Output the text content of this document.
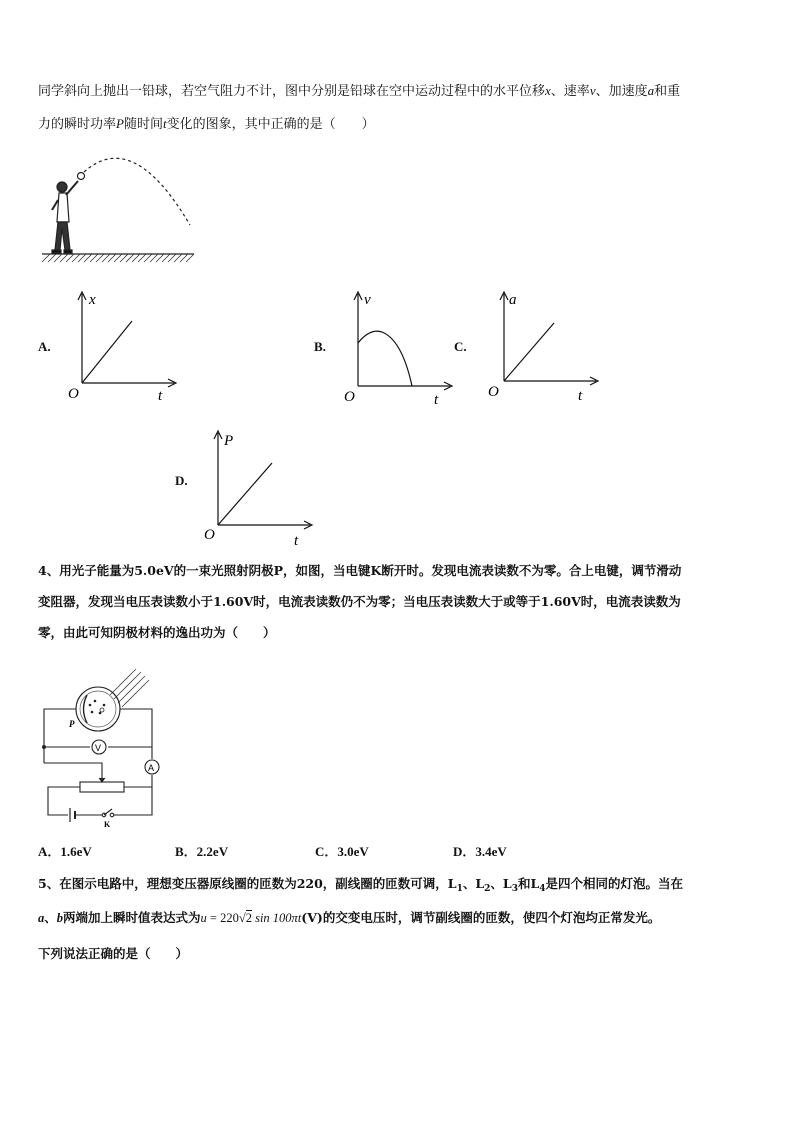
同学斜向上抛出一铅球，若空气阻力不计，图中分别是铅球在空中运动过程中的水平位移x、速率v、加速度a和重
力的瞬时功率P随时间t变化的图象，其中正确的是（　　）
A.
x
t
O
B.
v
t
O
C.
a
t
O
D.
P
t
O
4、用光子能量为5.0eV的一束光照射阴极P，如图，当电键K断开时。发现电流表读数不为零。合上电键，调节滑动
变阻器，发现当电压表读数小于1.60V时，电流表读数仍不为零；当电压表读数大于或等于1.60V时，电流表读数为
零，由此可知阴极材料的逸出功为（　　）
P
V
A
K
A．1.6eV	B．2.2eV	C．3.0eV	D．3.4eV
5、在图示电路中，理想变压器原线圈的匝数为220，副线圈的匝数可调，$L_1$、$L_2$、$L_3$和$L_4$是四个相同的灯泡。当在
a、b两端加上瞬时值表达式为u = 220√2 sin 100πt(V)的交变电压时，调节副线圈的匝数，使四个灯泡均正常发光。
下列说法正确的是（　　）
